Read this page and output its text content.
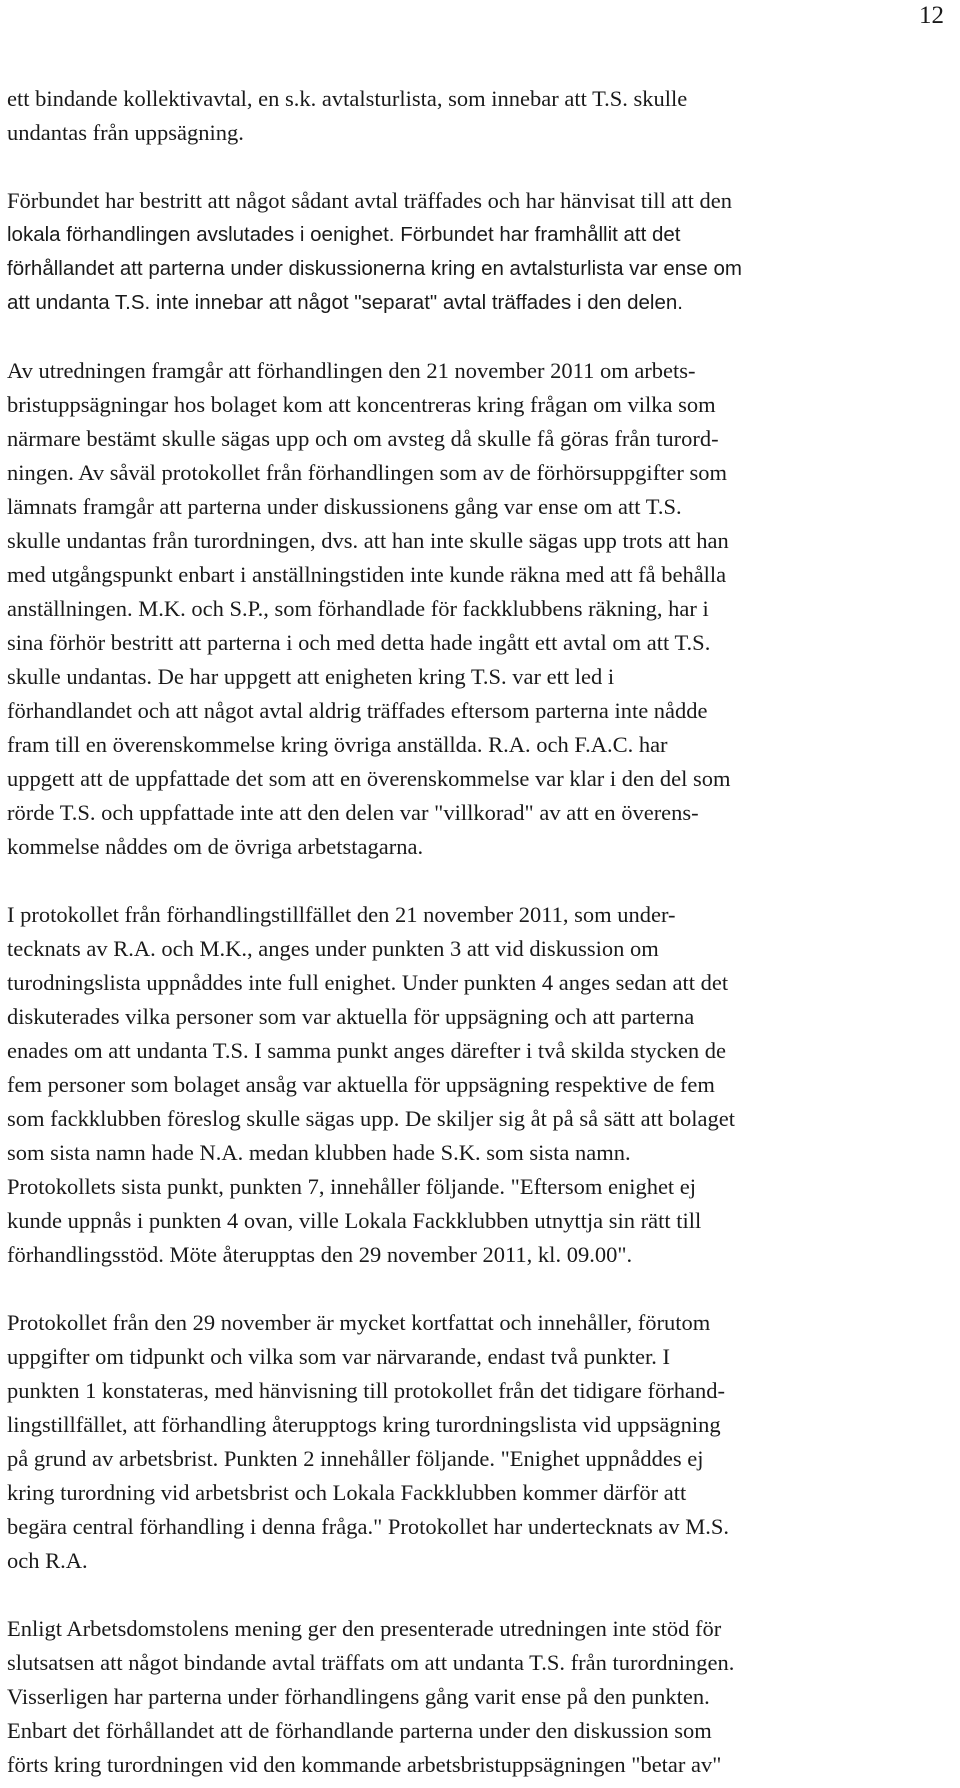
12

ett bindande kollektivavtal, en s.k. avtalsturlista, som innebar att T.S. skulle
undantas från uppsägning.

Förbundet har bestritt att något sådant avtal träffades och har hänvisat till att den
lokala förhandlingen avslutades i oenighet. Förbundet har framhållit att det
förhållandet att parterna under diskussionerna kring en avtalsturlista var ense om
att undanta T.S. inte innebar att något "separat" avtal träffades i den delen.

Av utredningen framgår att förhandlingen den 21 november 2011 om arbets-
bristuppsägningar hos bolaget kom att koncentreras kring frågan om vilka som
närmare bestämt skulle sägas upp och om avsteg då skulle få göras från turord-
ningen. Av såväl protokollet från förhandlingen som av de förhörsuppgifter som
lämnats framgår att parterna under diskussionens gång var ense om att T.S.
skulle undantas från turordningen, dvs. att han inte skulle sägas upp trots att han
med utgångspunkt enbart i anställningstiden inte kunde räkna med att få behålla
anställningen. M.K. och S.P., som förhandlade för fackklubbens räkning, har i
sina förhör bestritt att parterna i och med detta hade ingått ett avtal om att T.S.
skulle undantas. De har uppgett att enigheten kring T.S. var ett led i
förhandlandet och att något avtal aldrig träffades eftersom parterna inte nådde
fram till en överenskommelse kring övriga anställda. R.A. och F.A.C. har
uppgett att de uppfattade det som att en överenskommelse var klar i den del som
rörde T.S. och uppfattade inte att den delen var "villkorad" av att en överens-
kommelse nåddes om de övriga arbetstagarna.

I protokollet från förhandlingstillfället den 21 november 2011, som under-
tecknats av R.A. och M.K., anges under punkten 3 att vid diskussion om
turodningslista uppnåddes inte full enighet. Under punkten 4 anges sedan att det
diskuterades vilka personer som var aktuella för uppsägning och att parterna
enades om att undanta T.S. I samma punkt anges därefter i två skilda stycken de
fem personer som bolaget ansåg var aktuella för uppsägning respektive de fem
som fackklubben föreslog skulle sägas upp. De skiljer sig åt på så sätt att bolaget
som sista namn hade N.A. medan klubben hade S.K. som sista namn.
Protokollets sista punkt, punkten 7, innehåller följande. "Eftersom enighet ej
kunde uppnås i punkten 4 ovan, ville Lokala Fackklubben utnyttja sin rätt till
förhandlingsstöd. Möte återupptas den 29 november 2011, kl. 09.00".

Protokollet från den 29 november är mycket kortfattat och innehåller, förutom
uppgifter om tidpunkt och vilka som var närvarande, endast två punkter. I
punkten 1 konstateras, med hänvisning till protokollet från det tidigare förhand-
lingstillfället, att förhandling återupptogs kring turordningslista vid uppsägning
på grund av arbetsbrist. Punkten 2 innehåller följande. "Enighet uppnåddes ej
kring turordning vid arbetsbrist och Lokala Fackklubben kommer därför att
begära central förhandling i denna fråga." Protokollet har undertecknats av M.S.
och R.A.

Enligt Arbetsdomstolens mening ger den presenterade utredningen inte stöd för
slutsatsen att något bindande avtal träffats om att undanta T.S. från turordningen.
Visserligen har parterna under förhandlingens gång varit ense på den punkten.
Enbart det förhållandet att de förhandlande parterna under den diskussion som
förts kring turordningen vid den kommande arbetsbristuppsägningen "betar av"
